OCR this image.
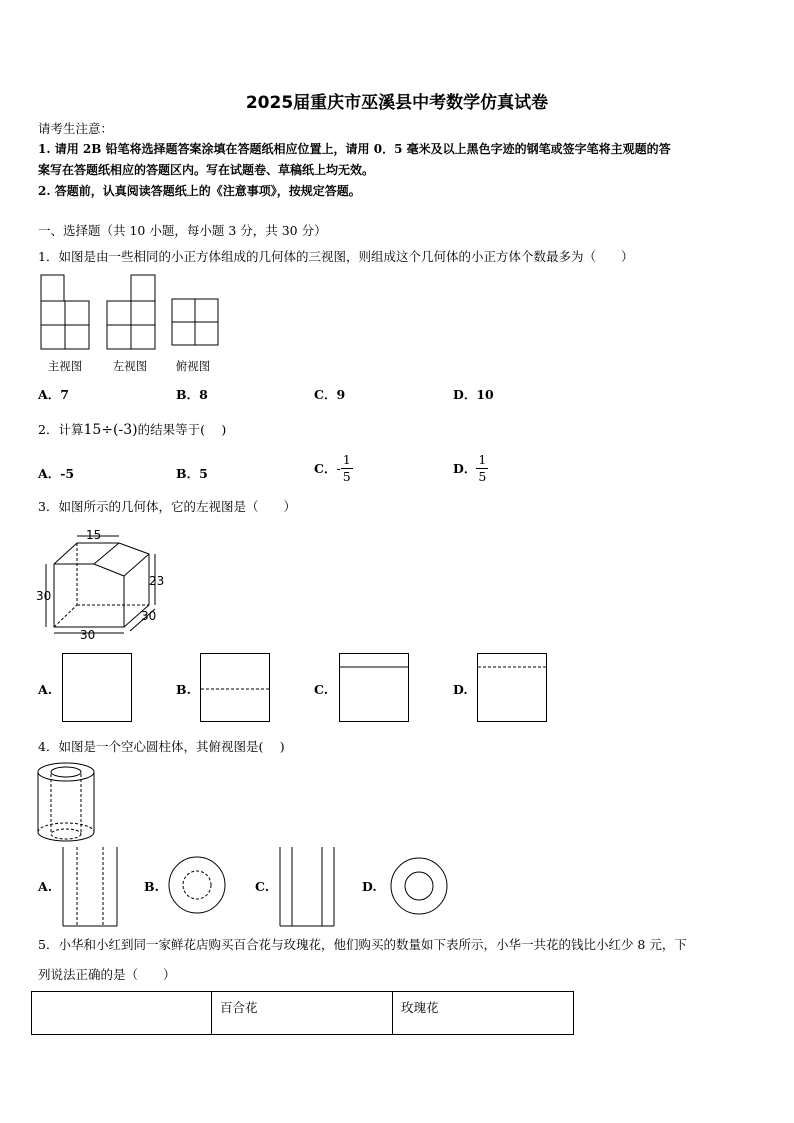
2025届重庆市巫溪县中考数学仿真试卷
请考生注意：
1. 请用 2B 铅笔将选择题答案涂填在答题纸相应位置上，请用 0．5 毫米及以上黑色字迹的钢笔或签字笔将主观题的答
案写在答题纸相应的答题区内。写在试题卷、草稿纸上均无效。
2. 答题前，认真阅读答题纸上的《注意事项》，按规定答题。
一、选择题（共 10 小题，每小题 3 分，共 30 分）
1．如图是由一些相同的小正方体组成的几何体的三视图，则组成这个几何体的小正方体个数最多为（　　）
主视图	左视图	俯视图
A．7	B．8	C．9	D．10
2．计算15÷(-3)的结果等于(　 )
A．-5	B．5	C．- $\frac{1}{5}$	D． $\frac{1}{5}$
3．如图所示的几何体，它的左视图是（　　）
15
23
30
30
30
A.	B.	C.	D.
4．如图是一个空心圆柱体，其俯视图是(　 )
A.	B.	C.	D.
5．小华和小红到同一家鲜花店购买百合花与玫瑰花，他们购买的数量如下表所示，小华一共花的钱比小红少 8 元，下
列说法正确的是（　　）
	百合花	玫瑰花
